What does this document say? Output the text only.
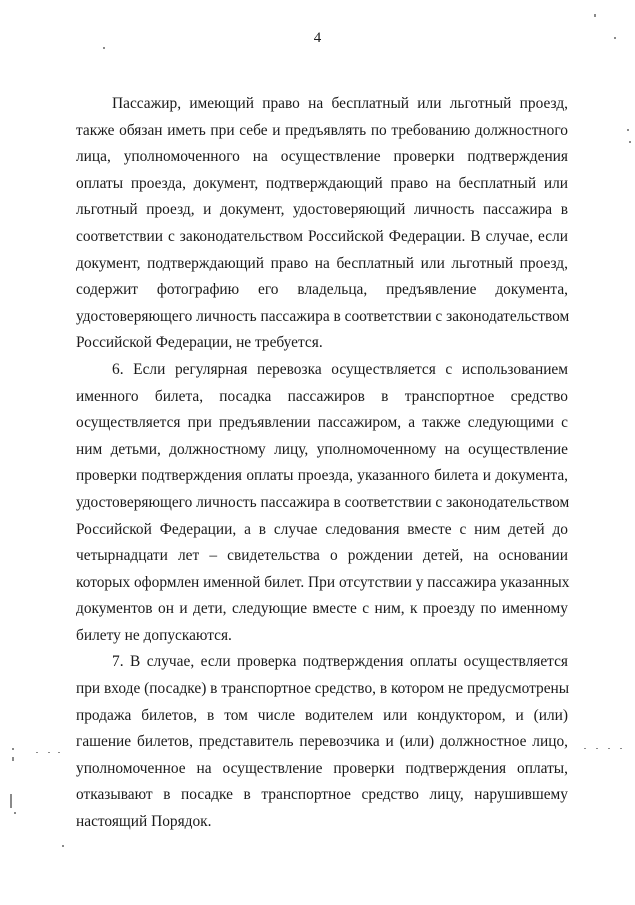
4

Пассажир, имеющий право на бесплатный или льготный проезд,
также обязан иметь при себе и предъявлять по требованию должностного
лица, уполномоченного на осуществление проверки подтверждения
оплаты проезда, документ, подтверждающий право на бесплатный или
льготный проезд, и документ, удостоверяющий личность пассажира в
соответствии с законодательством Российской Федерации. В случае, если
документ, подтверждающий право на бесплатный или льготный проезд,
содержит фотографию его владельца, предъявление документа,
удостоверяющего личность пассажира в соответствии с законодательством
Российской Федерации, не требуется.

6. Если регулярная перевозка осуществляется с использованием
именного билета, посадка пассажиров в транспортное средство
осуществляется при предъявлении пассажиром, а также следующими с
ним детьми, должностному лицу, уполномоченному на осуществление
проверки подтверждения оплаты проезда, указанного билета и документа,
удостоверяющего личность пассажира в соответствии с законодательством
Российской Федерации, а в случае следования вместе с ним детей до
четырнадцати лет – свидетельства о рождении детей, на основании
которых оформлен именной билет. При отсутствии у пассажира указанных
документов он и дети, следующие вместе с ним, к проезду по именному
билету не допускаются.

7. В случае, если проверка подтверждения оплаты осуществляется
при входе (посадке) в транспортное средство, в котором не предусмотрены
продажа билетов, в том числе водителем или кондуктором, и (или)
гашение билетов, представитель перевозчика и (или) должностное лицо,
уполномоченное на осуществление проверки подтверждения оплаты,
отказывают в посадке в транспортное средство лицу, нарушившему
настоящий Порядок.
